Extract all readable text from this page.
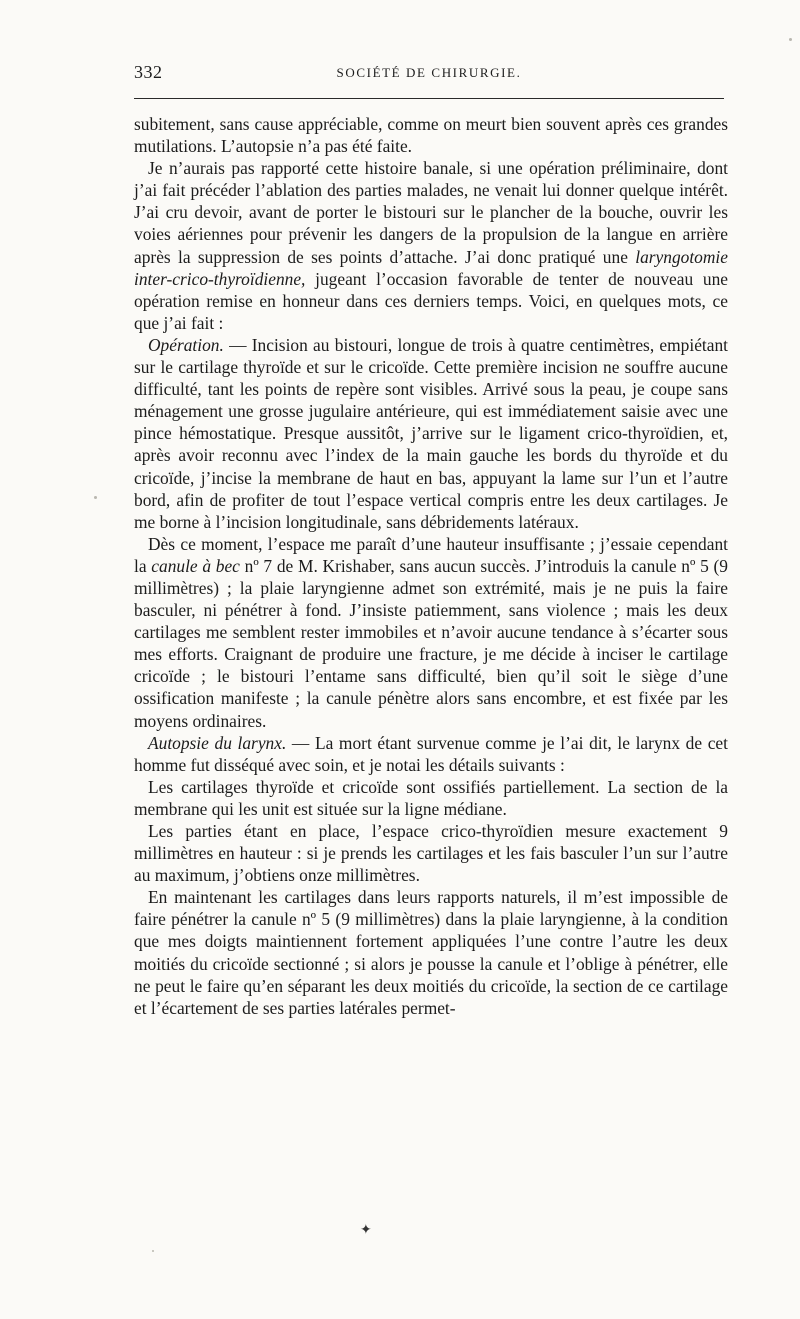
332	SOCIÉTÉ DE CHIRURGIE.

subitement, sans cause appréciable, comme on meurt bien souvent après ces grandes mutilations. L’autopsie n’a pas été faite.

Je n’aurais pas rapporté cette histoire banale, si une opération préliminaire, dont j’ai fait précéder l’ablation des parties malades, ne venait lui donner quelque intérêt. J’ai cru devoir, avant de porter le bistouri sur le plancher de la bouche, ouvrir les voies aériennes pour prévenir les dangers de la propulsion de la langue en arrière après la suppression de ses points d’attache. J’ai donc pratiqué une laryngotomie inter-crico-thyroïdienne, jugeant l’occasion favorable de tenter de nouveau une opération remise en honneur dans ces derniers temps. Voici, en quelques mots, ce que j’ai fait :

Opération. — Incision au bistouri, longue de trois à quatre centimètres, empiétant sur le cartilage thyroïde et sur le cricoïde. Cette première incision ne souffre aucune difficulté, tant les points de repère sont visibles. Arrivé sous la peau, je coupe sans ménagement une grosse jugulaire antérieure, qui est immédiatement saisie avec une pince hémostatique. Presque aussitôt, j’arrive sur le ligament crico-thyroïdien, et, après avoir reconnu avec l’index de la main gauche les bords du thyroïde et du cricoïde, j’incise la membrane de haut en bas, appuyant la lame sur l’un et l’autre bord, afin de profiter de tout l’espace vertical compris entre les deux cartilages. Je me borne à l’incision longitudinale, sans débridements latéraux.

Dès ce moment, l’espace me paraît d’une hauteur insuffisante ; j’essaie cependant la canule à bec nº 7 de M. Krishaber, sans aucun succès. J’introduis la canule nº 5 (9 millimètres) ; la plaie laryngienne admet son extrémité, mais je ne puis la faire basculer, ni pénétrer à fond. J’insiste patiemment, sans violence ; mais les deux cartilages me semblent rester immobiles et n’avoir aucune tendance à s’écarter sous mes efforts. Craignant de produire une fracture, je me décide à inciser le cartilage cricoïde ; le bistouri l’entame sans difficulté, bien qu’il soit le siège d’une ossification manifeste ; la canule pénètre alors sans encombre, et est fixée par les moyens ordinaires.

Autopsie du larynx. — La mort étant survenue comme je l’ai dit, le larynx de cet homme fut disséqué avec soin, et je notai les détails suivants :

Les cartilages thyroïde et cricoïde sont ossifiés partiellement. La section de la membrane qui les unit est située sur la ligne médiane.

Les parties étant en place, l’espace crico-thyroïdien mesure exactement 9 millimètres en hauteur : si je prends les cartilages et les fais basculer l’un sur l’autre au maximum, j’obtiens onze millimètres.

En maintenant les cartilages dans leurs rapports naturels, il m’est impossible de faire pénétrer la canule nº 5 (9 millimètres) dans la plaie laryngienne, à la condition que mes doigts maintiennent fortement appliquées l’une contre l’autre les deux moitiés du cricoïde sectionné ; si alors je pousse la canule et l’oblige à pénétrer, elle ne peut le faire qu’en séparant les deux moitiés du cricoïde, la section de ce cartilage et l’écartement de ses parties latérales permet-

✦
